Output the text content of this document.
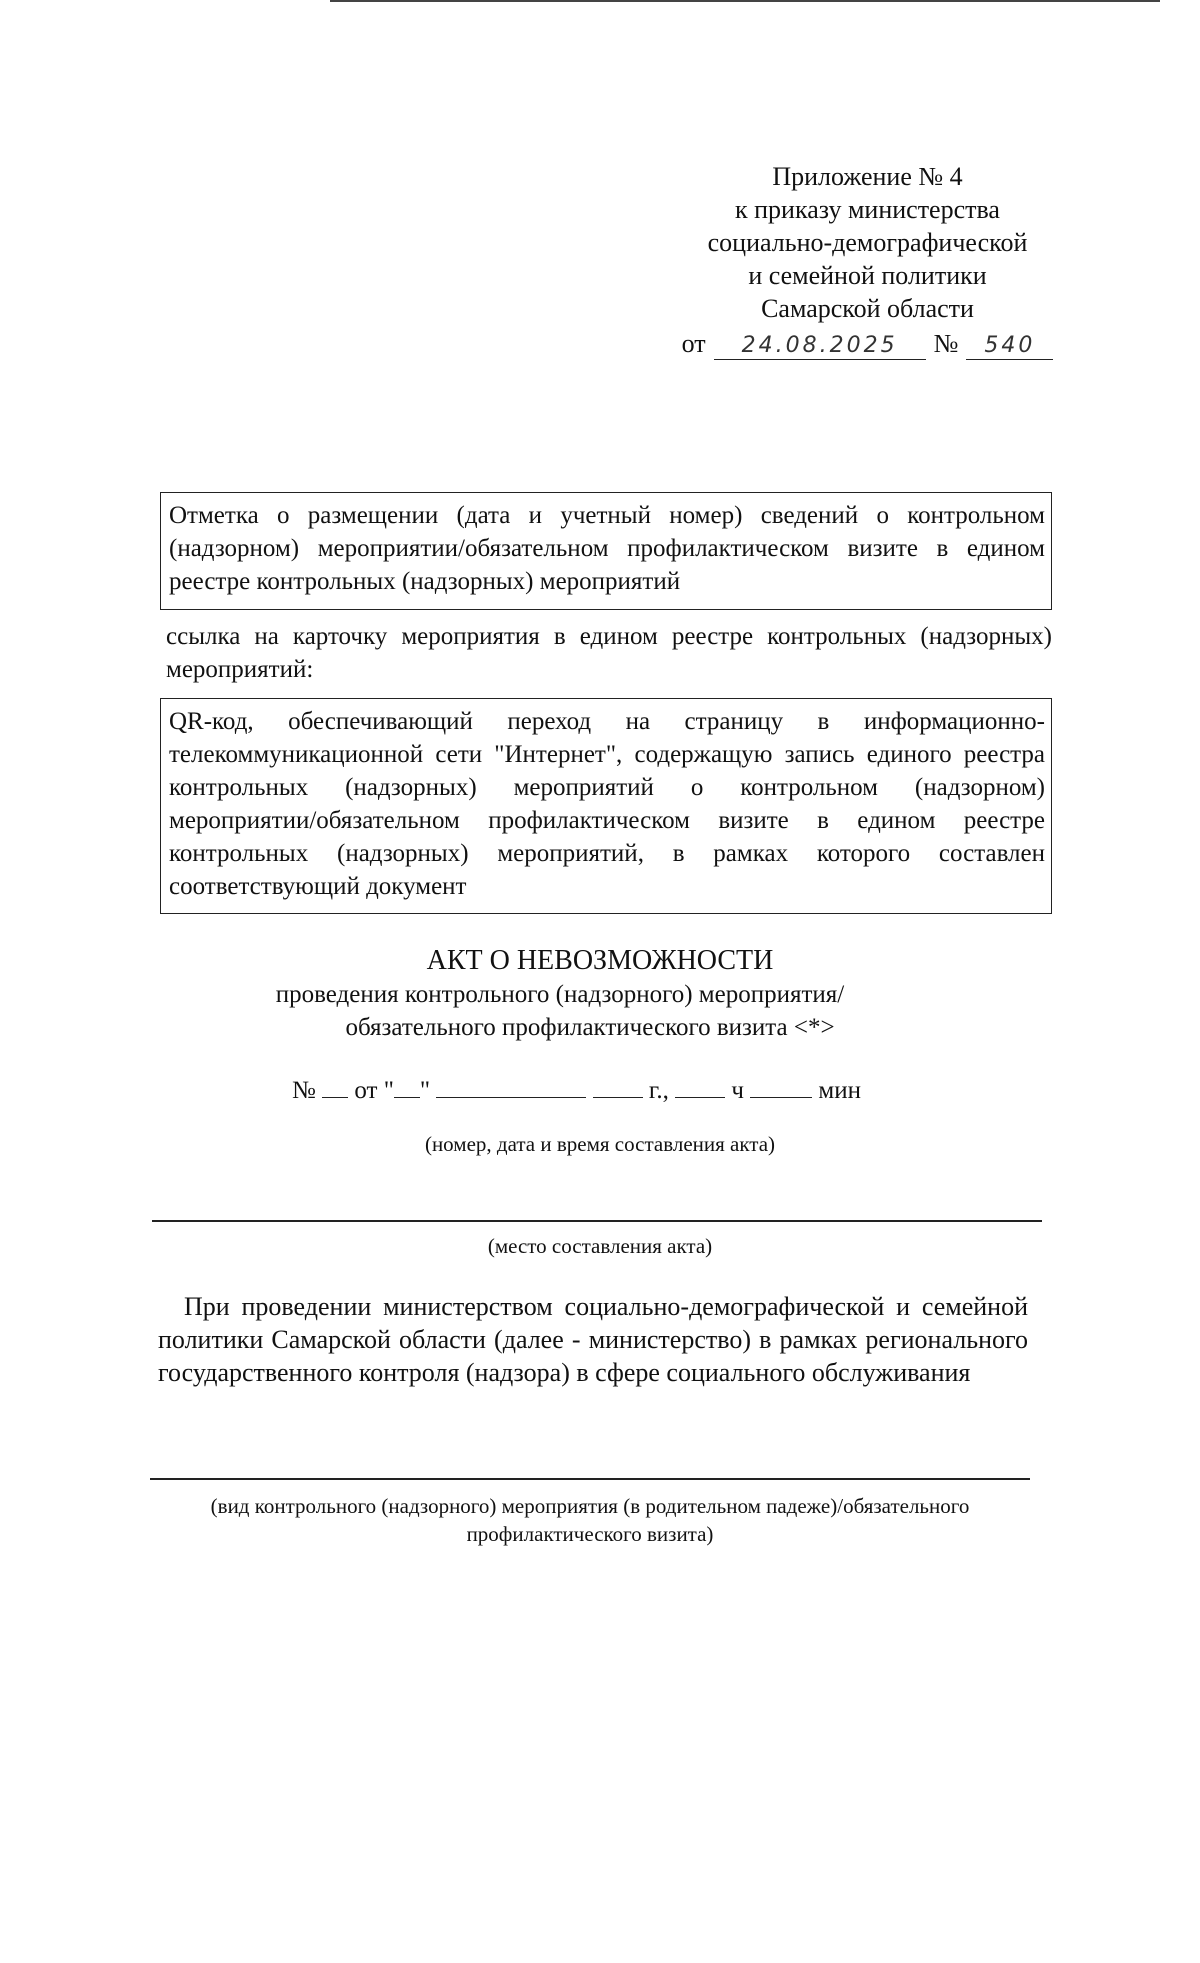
Приложение № 4
к приказу министерства
социально-демографической
и семейной политики
Самарской области
от	24.08.2025	№	540
Отметка о размещении (дата и учетный номер) сведений о контрольном (надзорном) мероприятии/обязательном профилактическом визите в едином реестре контрольных (надзорных) мероприятий
ссылка на карточку мероприятия в едином реестре контрольных (надзорных) мероприятий:
QR-код, обеспечивающий переход на страницу в информационно-телекоммуникационной сети "Интернет", содержащую запись единого реестра контрольных (надзорных) мероприятий о контрольном (надзорном) мероприятии/обязательном профилактическом визите в едином реестре контрольных (надзорных) мероприятий, в рамках которого составлен соответствующий документ
АКТ О НЕВОЗМОЖНОСТИ
проведения контрольного (надзорного) мероприятия/
обязательного профилактического визита <*>
№ от " "	г.,	ч	мин
(номер, дата и время составления акта)
(место составления акта)
При проведении министерством социально-демографической и семейной политики Самарской области (далее - министерство) в рамках регионального государственного контроля (надзора) в сфере социального обслуживания
(вид контрольного (надзорного) мероприятия (в родительном падеже)/обязательного
профилактического визита)
